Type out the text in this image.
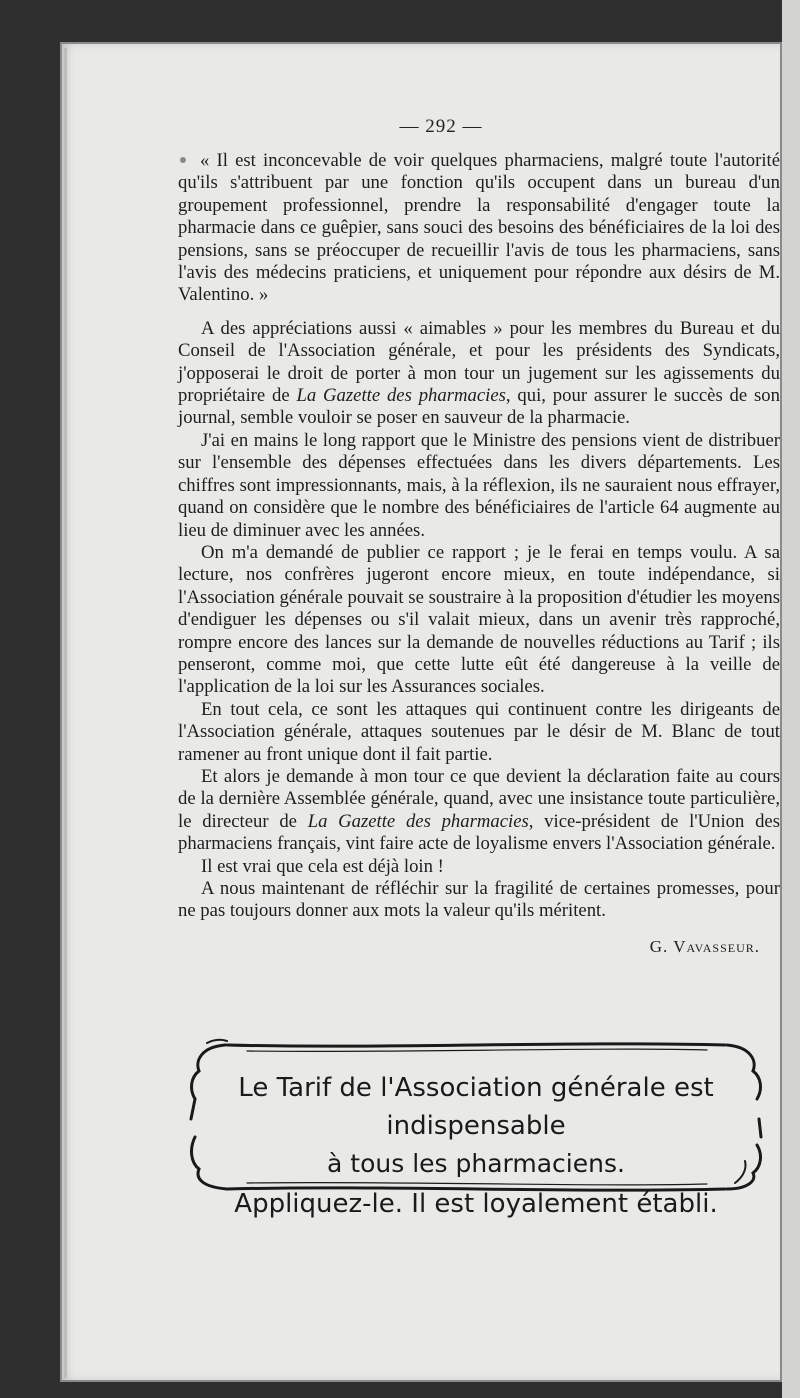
— 292 —

« Il est inconcevable de voir quelques pharmaciens, malgré toute l'autorité qu'ils s'attribuent par une fonction qu'ils occupent dans un bureau d'un groupement professionnel, prendre la responsabilité d'engager toute la pharmacie dans ce guêpier, sans souci des besoins des bénéficiaires de la loi des pensions, sans se préoccuper de recueillir l'avis de tous les pharmaciens, sans l'avis des médecins praticiens, et uniquement pour répondre aux désirs de M. Valentino. »

A des appréciations aussi « aimables » pour les membres du Bureau et du Conseil de l'Association générale, et pour les présidents des Syndicats, j'opposerai le droit de porter à mon tour un jugement sur les agissements du propriétaire de La Gazette des pharmacies, qui, pour assurer le succès de son journal, semble vouloir se poser en sauveur de la pharmacie.

J'ai en mains le long rapport que le Ministre des pensions vient de distribuer sur l'ensemble des dépenses effectuées dans les divers départements. Les chiffres sont impressionnants, mais, à la réflexion, ils ne sauraient nous effrayer, quand on considère que le nombre des bénéficiaires de l'article 64 augmente au lieu de diminuer avec les années.

On m'a demandé de publier ce rapport ; je le ferai en temps voulu. A sa lecture, nos confrères jugeront encore mieux, en toute indépendance, si l'Association générale pouvait se soustraire à la proposition d'étudier les moyens d'endiguer les dépenses ou s'il valait mieux, dans un avenir très rapproché, rompre encore des lances sur la demande de nouvelles réductions au Tarif ; ils penseront, comme moi, que cette lutte eût été dangereuse à la veille de l'application de la loi sur les Assurances sociales.

En tout cela, ce sont les attaques qui continuent contre les dirigeants de l'Association générale, attaques soutenues par le désir de M. Blanc de tout ramener au front unique dont il fait partie.

Et alors je demande à mon tour ce que devient la déclaration faite au cours de la dernière Assemblée générale, quand, avec une insistance toute particulière, le directeur de La Gazette des pharmacies, vice-président de l'Union des pharmaciens français, vint faire acte de loyalisme envers l'Association générale.

Il est vrai que cela est déjà loin !

A nous maintenant de réfléchir sur la fragilité de certaines promesses, pour ne pas toujours donner aux mots la valeur qu'ils méritent.

G. Vavasseur.
Le Tarif de l'Association générale est indispensable
à tous les pharmaciens.
Appliquez-le. Il est loyalement établi.
